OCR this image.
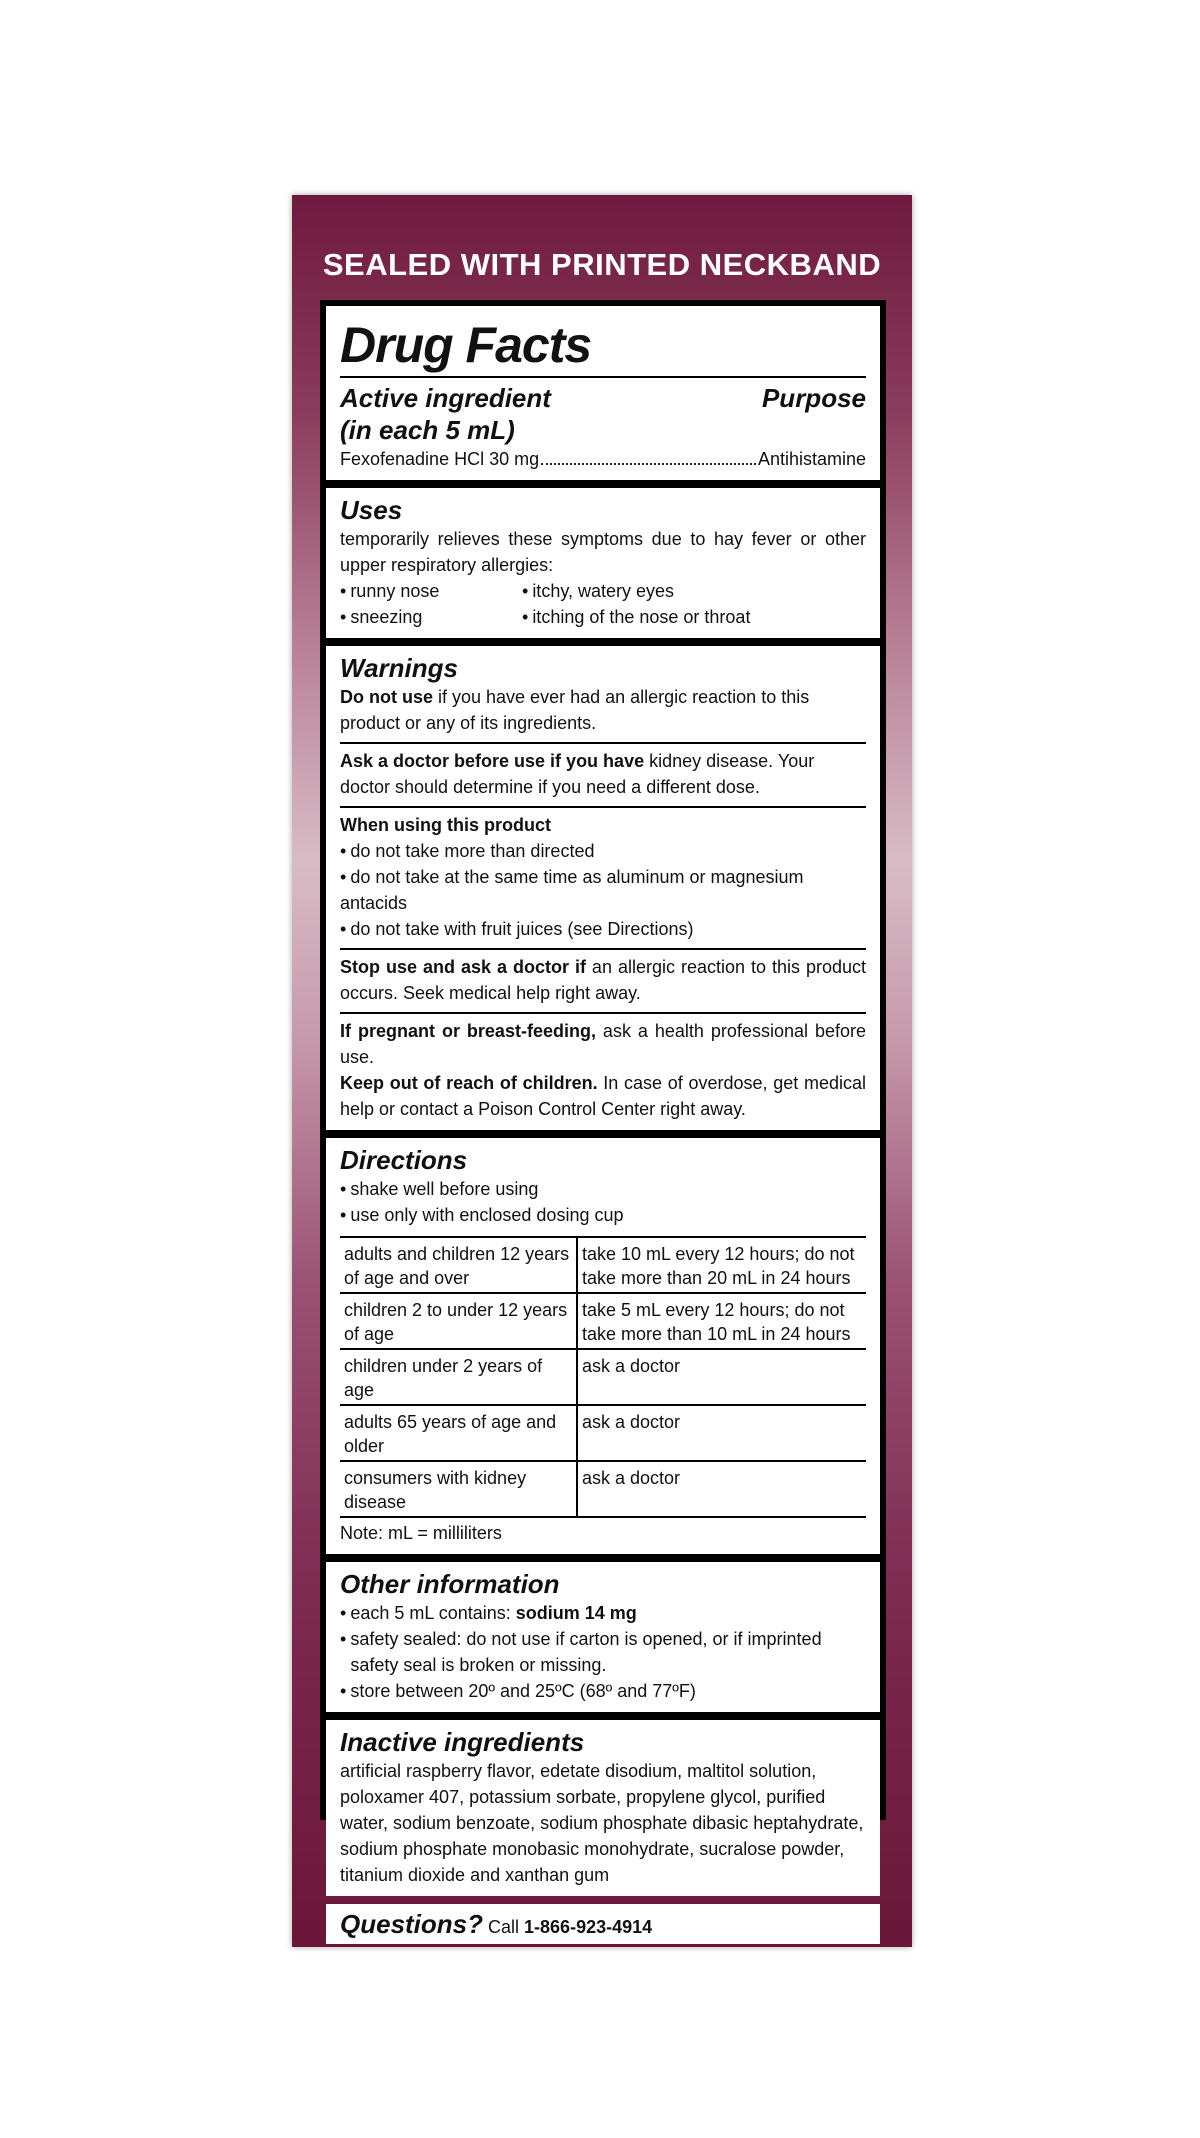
SEALED WITH PRINTED NECKBAND
Drug Facts
Active ingredient	Purpose
(in each 5 mL)
Fexofenadine HCl 30 mg	Antihistamine
Uses
temporarily relieves these symptoms due to hay fever or other upper respiratory allergies:
• runny nose	• itchy, watery eyes
• sneezing	• itching of the nose or throat
Warnings
Do not use if you have ever had an allergic reaction to this product or any of its ingredients.
Ask a doctor before use if you have kidney disease. Your doctor should determine if you need a different dose.
When using this product
• do not take more than directed
• do not take at the same time as aluminum or magnesium antacids
• do not take with fruit juices (see Directions)
Stop use and ask a doctor if an allergic reaction to this product occurs. Seek medical help right away.
If pregnant or breast-feeding, ask a health professional before use.
Keep out of reach of children. In case of overdose, get medical help or contact a Poison Control Center right away.
Directions
• shake well before using
• use only with enclosed dosing cup
adults and children 12 years of age and over	take 10 mL every 12 hours; do not take more than 20 mL in 24 hours
children 2 to under 12 years of age	take 5 mL every 12 hours; do not take more than 10 mL in 24 hours
children under 2 years of age	ask a doctor
adults 65 years of age and older	ask a doctor
consumers with kidney disease	ask a doctor
Note: mL = milliliters
Other information
• each 5 mL contains: sodium 14 mg
• safety sealed: do not use if carton is opened, or if imprinted safety seal is broken or missing.
• store between 20º and 25ºC (68º and 77ºF)
Inactive ingredients
artificial raspberry flavor, edetate disodium, maltitol solution, poloxamer 407, potassium sorbate, propylene glycol, purified water, sodium benzoate, sodium phosphate dibasic heptahydrate, sodium phosphate monobasic monohydrate, sucralose powder, titanium dioxide and xanthan gum
Questions? Call 1-866-923-4914
